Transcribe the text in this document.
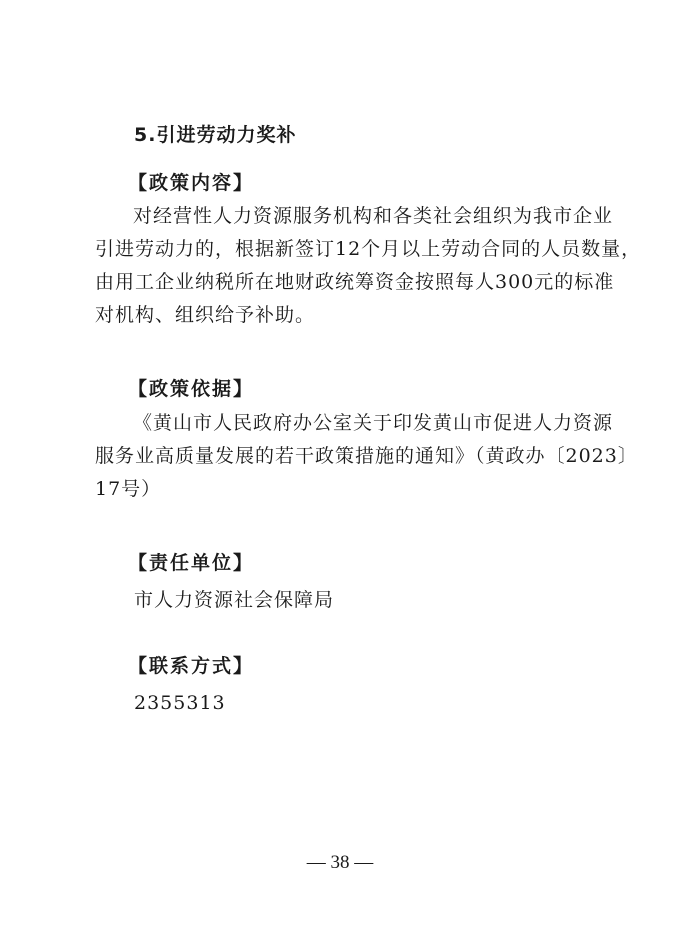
5.引进劳动力奖补
【政策内容】
对经营性人力资源服务机构和各类社会组织为我市企业
引进劳动力的，根据新签订12个月以上劳动合同的人员数量，
由用工企业纳税所在地财政统筹资金按照每人300元的标准
对机构、组织给予补助。
【政策依据】
《黄山市人民政府办公室关于印发黄山市促进人力资源
服务业高质量发展的若干政策措施的通知》（黄政办〔2023〕
17号）
【责任单位】
市人力资源社会保障局
【联系方式】
2355313
— 38 —
